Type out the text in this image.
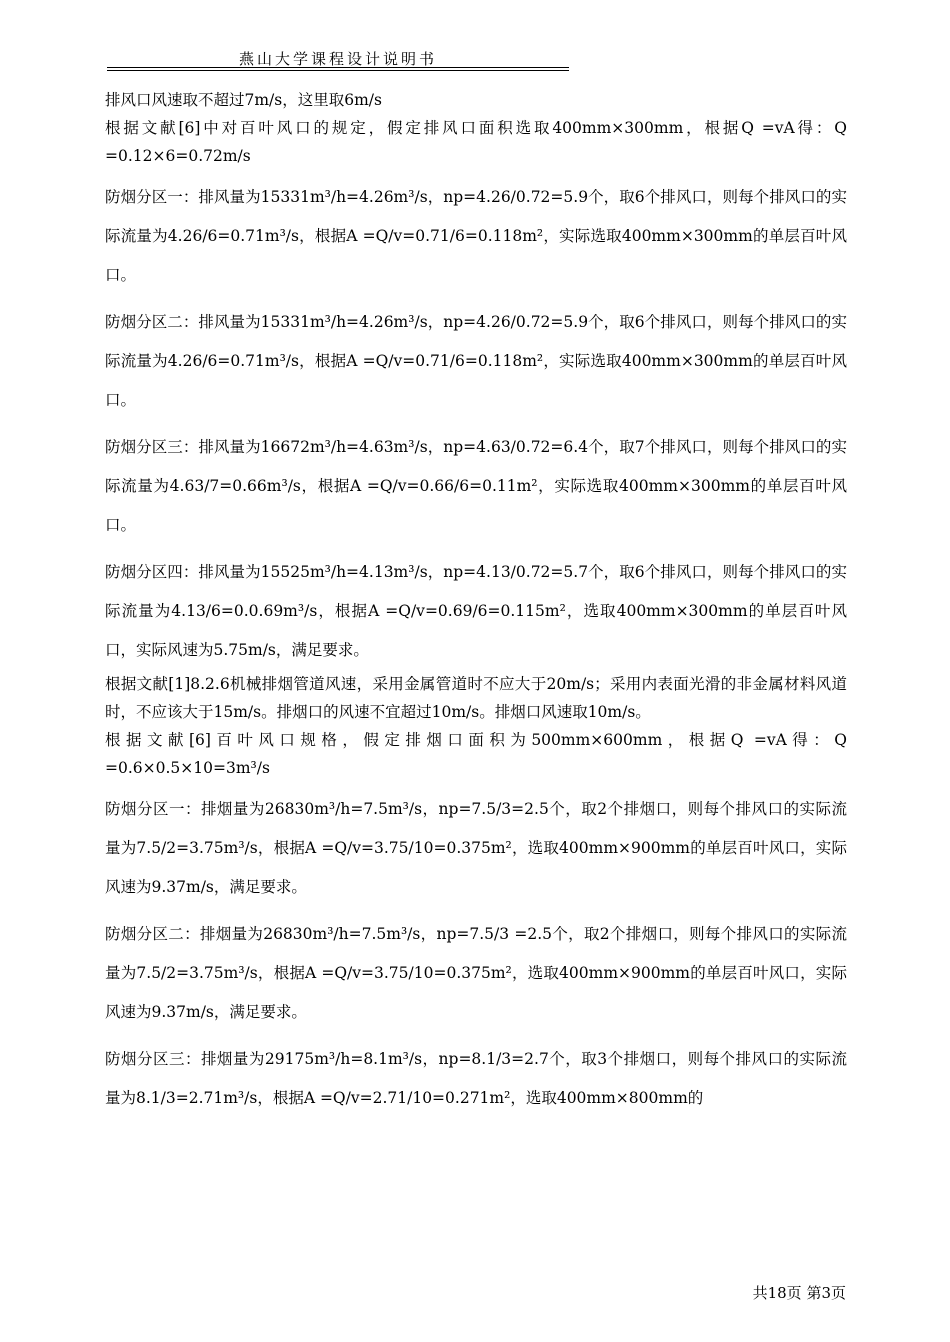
燕山大学课程设计说明书

排风口风速取不超过7m/s，这里取6m/s

根据文献[6]中对百叶风口的规定，假定排风口面积选取400mm×300mm，根据Q =vA得：Q =0.12×6=0.72m/s

防烟分区一：排风量为15331m³/h=4.26m³/s，np=4.26/0.72=5.9个，取6个排风口，则每个排风口的实际流量为4.26/6=0.71m³/s，根据A =Q/v=0.71/6=0.118m²，实际选取400mm×300mm的单层百叶风口。

防烟分区二：排风量为15331m³/h=4.26m³/s，np=4.26/0.72=5.9个，取6个排风口，则每个排风口的实际流量为4.26/6=0.71m³/s，根据A =Q/v=0.71/6=0.118m²，实际选取400mm×300mm的单层百叶风口。

防烟分区三：排风量为16672m³/h=4.63m³/s，np=4.63/0.72=6.4个，取7个排风口，则每个排风口的实际流量为4.63/7=0.66m³/s，根据A =Q/v=0.66/6=0.11m²，实际选取400mm×300mm的单层百叶风口。

防烟分区四：排风量为15525m³/h=4.13m³/s，np=4.13/0.72=5.7个，取6个排风口，则每个排风口的实际流量为4.13/6=0.0.69m³/s，根据A =Q/v=0.69/6=0.115m²，选取400mm×300mm的单层百叶风口，实际风速为5.75m/s，满足要求。

根据文献[1]8.2.6机械排烟管道风速，采用金属管道时不应大于20m/s；采用内表面光滑的非金属材料风道时，不应该大于15m/s。排烟口的风速不宜超过10m/s。排烟口风速取10m/s。

根据文献[6]百叶风口规格，假定排烟口面积为500mm×600mm，根据Q =vA得：Q =0.6×0.5×10=3m³/s

防烟分区一：排烟量为26830m³/h=7.5m³/s，np=7.5/3=2.5个，取2个排烟口，则每个排风口的实际流量为7.5/2=3.75m³/s，根据A =Q/v=3.75/10=0.375m²，选取400mm×900mm的单层百叶风口，实际风速为9.37m/s，满足要求。

防烟分区二：排烟量为26830m³/h=7.5m³/s，np=7.5/3 =2.5个，取2个排烟口，则每个排风口的实际流量为7.5/2=3.75m³/s，根据A =Q/v=3.75/10=0.375m²，选取400mm×900mm的单层百叶风口，实际风速为9.37m/s，满足要求。

防烟分区三：排烟量为29175m³/h=8.1m³/s，np=8.1/3=2.7个，取3个排烟口，则每个排风口的实际流量为8.1/3=2.71m³/s，根据A =Q/v=2.71/10=0.271m²，选取400mm×800mm的

共18页 第3页
